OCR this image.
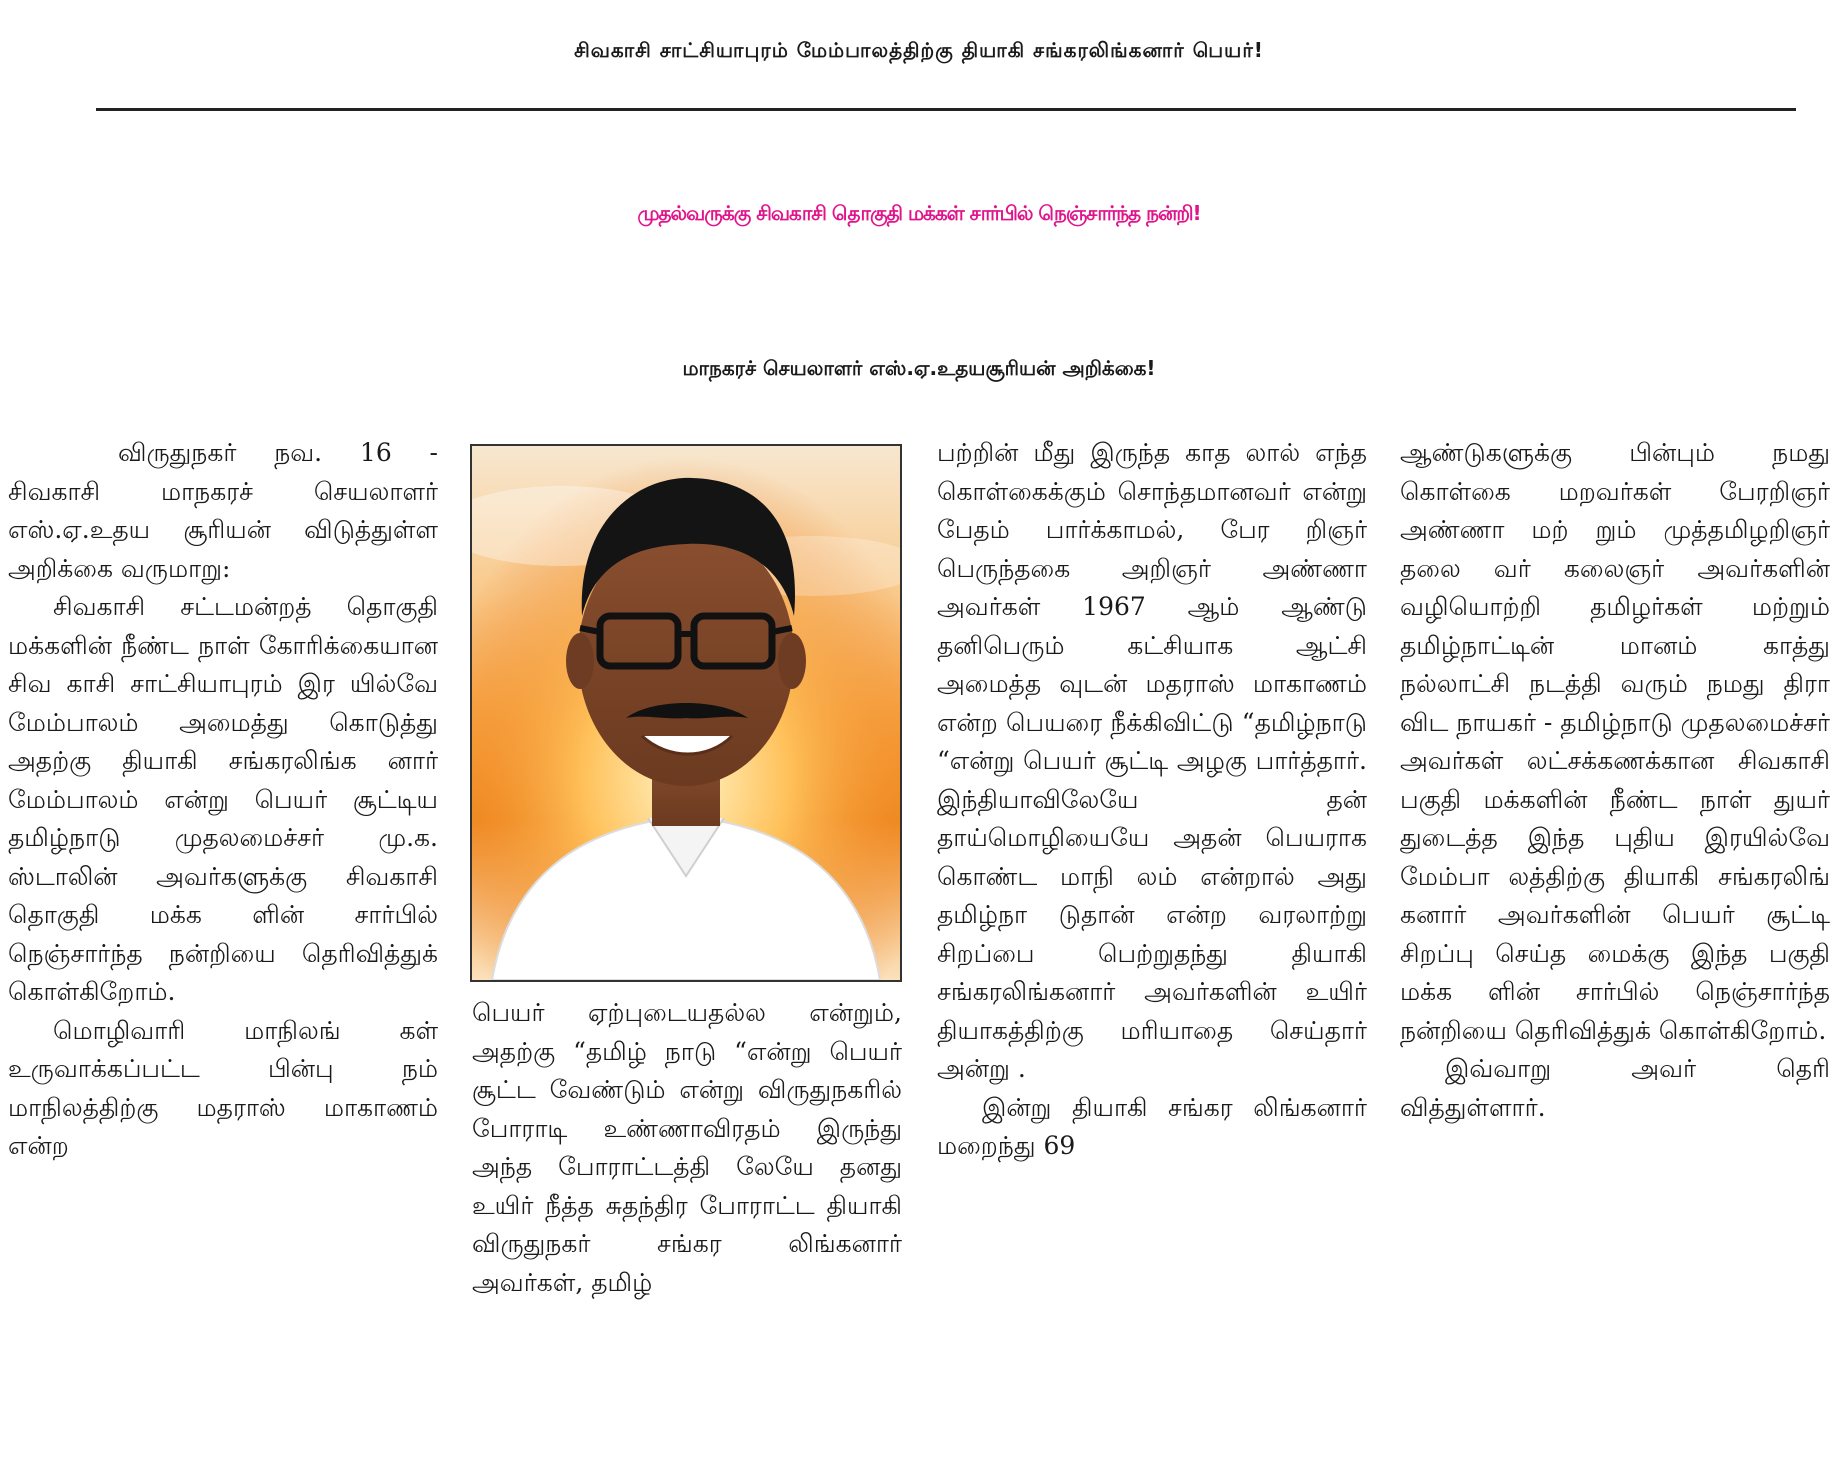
சிவகாசி சாட்சியாபுரம் மேம்பாலத்திற்கு தியாகி சங்கரலிங்கனார் பெயர்!
முதல்வருக்கு சிவகாசி தொகுதி மக்கள் சார்பில் நெஞ்சார்ந்த நன்றி!
மாநகரச் செயலாளர் எஸ்.ஏ.உதயசூரியன் அறிக்கை!

விருதுநகர் நவ. 16 - சிவகாசி மாநகரச் செயலாளர் எஸ்.ஏ.உதய சூரியன் விடுத்துள்ள அறிக்கை வருமாறு:

சிவகாசி சட்டமன்றத் தொகுதி மக்களின் நீண்ட நாள் கோரிக்கையான சிவ காசி சாட்சியாபுரம் இர யில்வே மேம்பாலம் அமைத்து கொடுத்து அதற்கு தியாகி சங்கரலிங்க னார் மேம்பாலம் என்று பெயர் சூட்டிய தமிழ்நாடு முதலமைச்சர் மு.க. ஸ்டாலின் அவர்களுக்கு சிவகாசி தொகுதி மக்க ளின் சார்பில் நெஞ்சார்ந்த நன்றியை தெரிவித்துக் கொள்கிறோம்.

மொழிவாரி மாநிலங் கள் உருவாக்கப்பட்ட பின்பு நம் மாநிலத்திற்கு மதராஸ் மாகாணம் என்ற

பெயர் ஏற்புடையதல்ல என்றும், அதற்கு “தமிழ் நாடு “என்று பெயர் சூட்ட வேண்டும் என்று விருதுநகரில் போராடி உண்ணாவிரதம் இருந்து அந்த போராட்டத்தி லேயே தனது உயிர் நீத்த சுதந்திர போராட்ட தியாகி விருதுநகர் சங்கர லிங்கனார் அவர்கள், தமிழ்

பற்றின் மீது இருந்த காத லால் எந்த கொள்கைக்கும் சொந்தமானவர் என்று பேதம் பார்க்காமல், பேர றிஞர் பெருந்தகை அறிஞர் அண்ணா அவர்கள் 1967 ஆம் ஆண்டு தனிபெரும் கட்சியாக ஆட்சி அமைத்த வுடன் மதராஸ் மாகாணம் என்ற பெயரை நீக்கிவிட்டு “தமிழ்நாடு “என்று பெயர் சூட்டி அழகு பார்த்தார். இந்தியாவிலேயே தன் தாய்மொழியையே அதன் பெயராக கொண்ட மாநி லம் என்றால் அது தமிழ்நா டுதான் என்ற வரலாற்று சிறப்பை பெற்றுதந்து தியாகி சங்கரலிங்கனார் அவர்களின் உயிர் தியாகத்திற்கு மரியாதை செய்தார் அன்று .

இன்று தியாகி சங்கர லிங்கனார் மறைந்து 69

ஆண்டுகளுக்கு பின்பும் நமது கொள்கை மறவர்கள் பேரறிஞர் அண்ணா மற் றும் முத்தமிழறிஞர் தலை வர் கலைஞர் அவர்களின் வழியொற்றி தமிழர்கள் மற்றும் தமிழ்நாட்டின் மானம் காத்து நல்லாட்சி நடத்தி வரும் நமது திரா விட நாயகர் - தமிழ்நாடு முதலமைச்சர் அவர்கள் லட்சக்கணக்கான சிவகாசி பகுதி மக்களின் நீண்ட நாள் துயர் துடைத்த இந்த புதிய இரயில்வே மேம்பா லத்திற்கு தியாகி சங்கரலிங் கனார் அவர்களின் பெயர் சூட்டி சிறப்பு செய்த மைக்கு இந்த பகுதி மக்க ளின் சார்பில் நெஞ்சார்ந்த நன்றியை தெரிவித்துக் கொள்கிறோம்.

இவ்வாறு அவர் தெரி வித்துள்ளார்.
